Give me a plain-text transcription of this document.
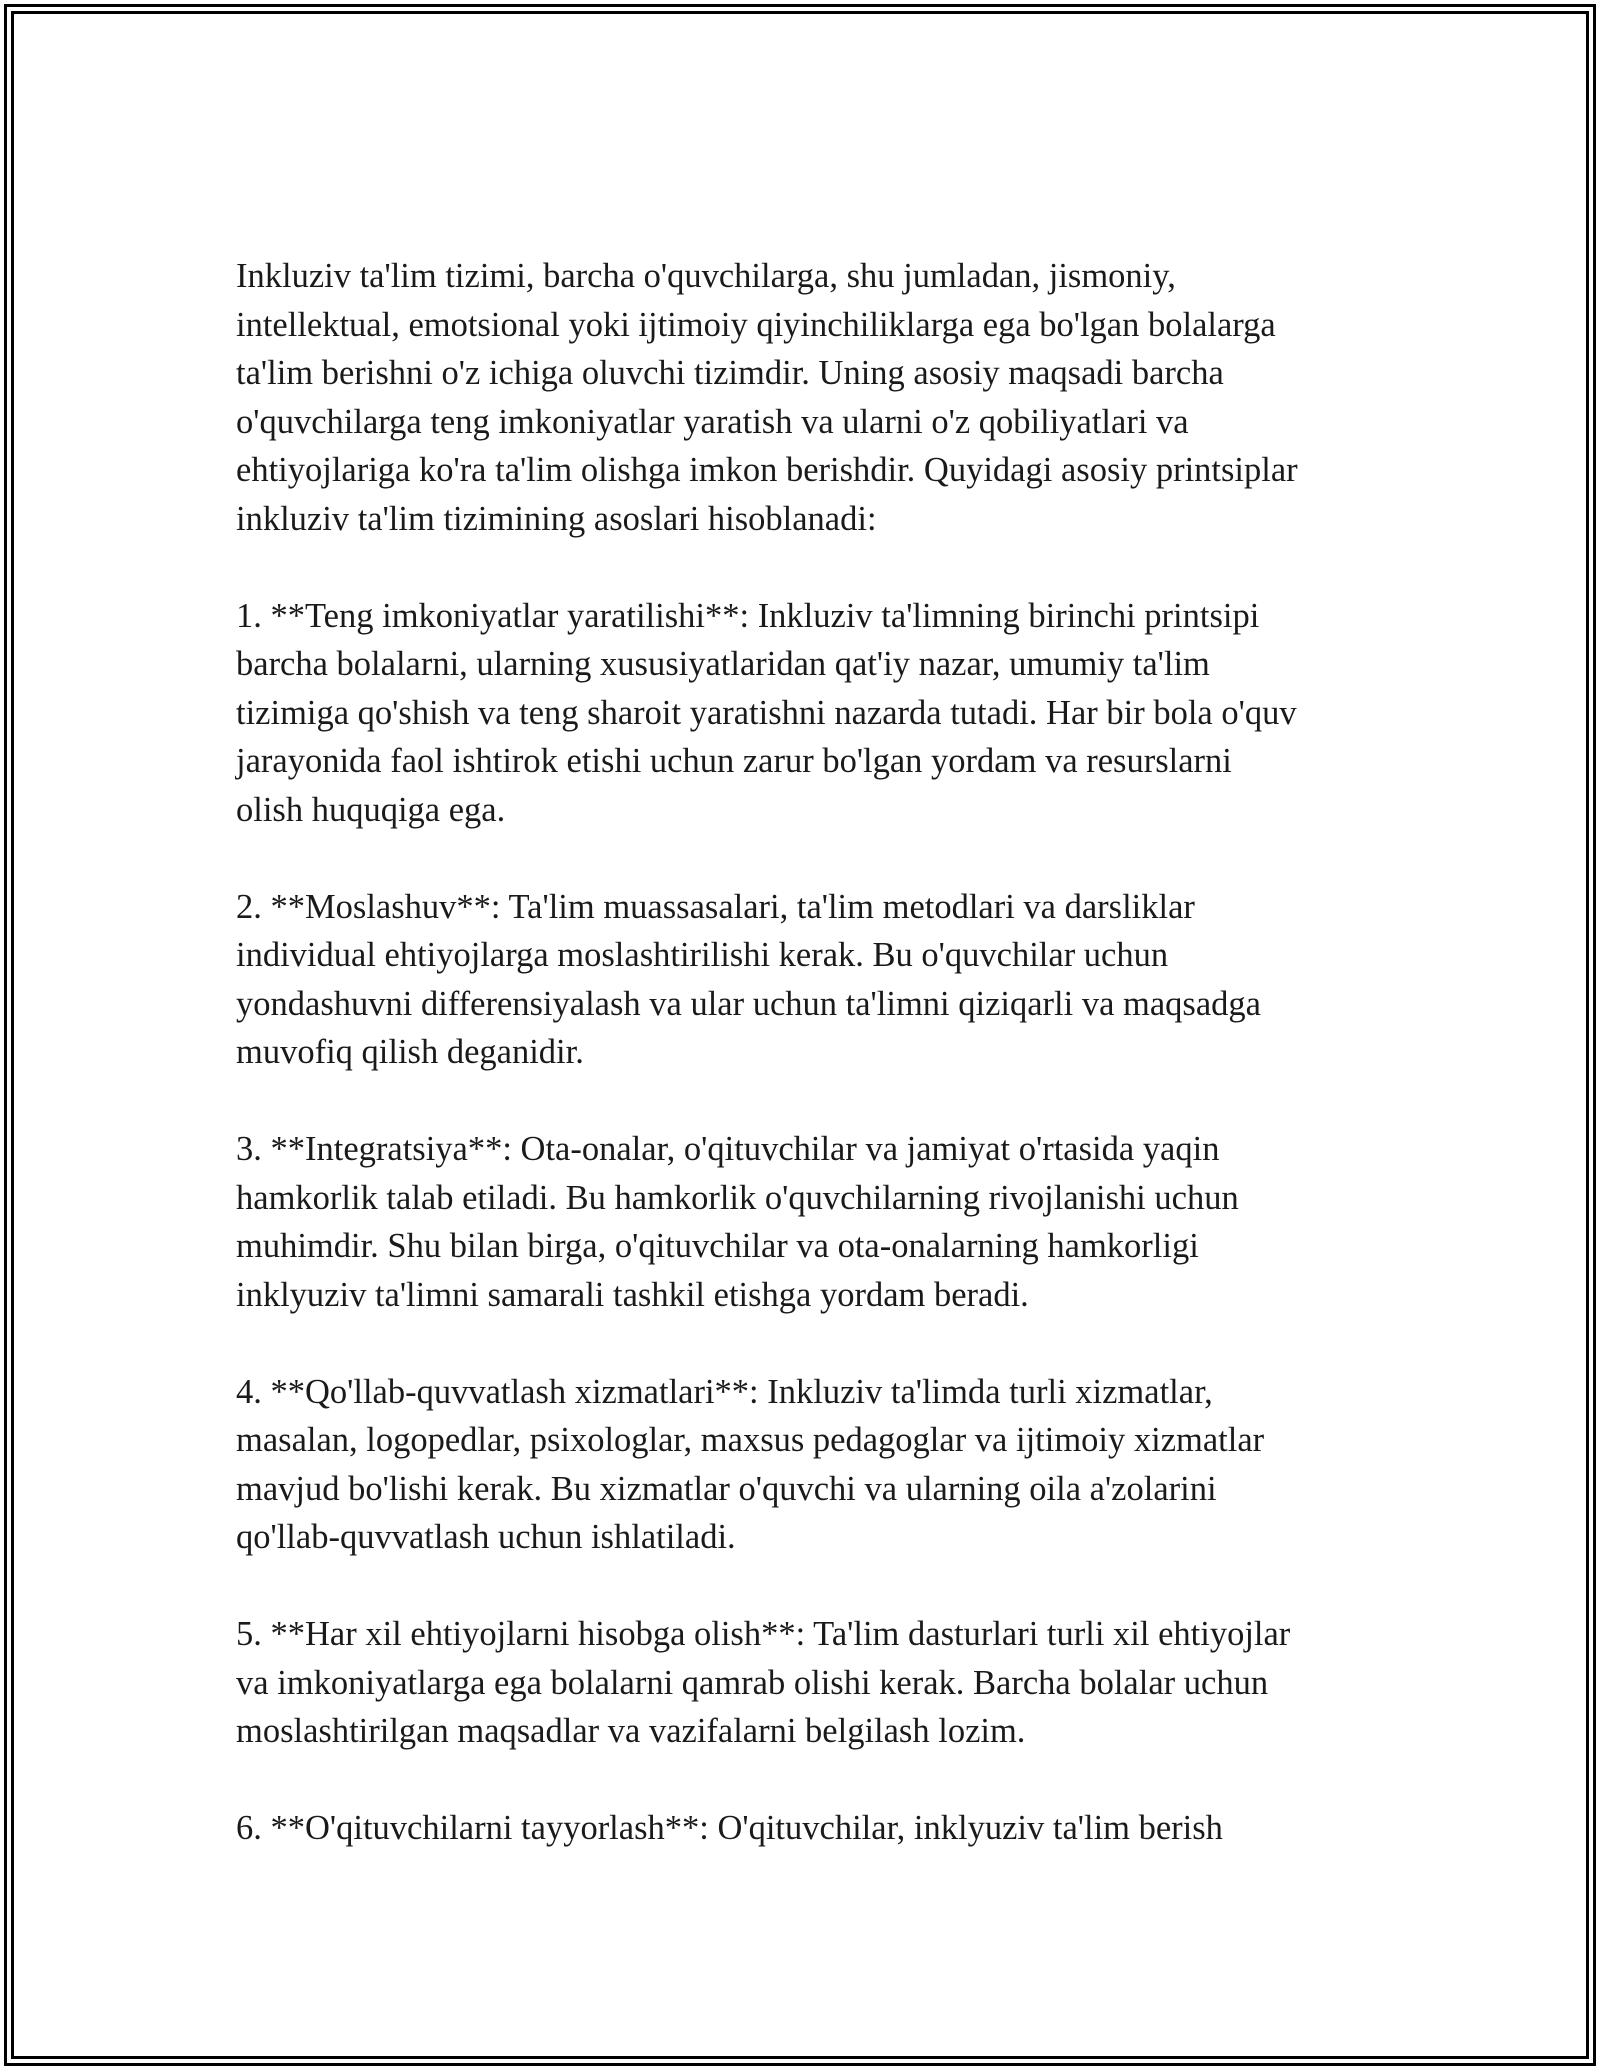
Inkluziv ta'lim tizimi, barcha o'quvchilarga, shu jumladan, jismoniy,
intellektual, emotsional yoki ijtimoiy qiyinchiliklarga ega bo'lgan bolalarga
ta'lim berishni o'z ichiga oluvchi tizimdir. Uning asosiy maqsadi barcha
o'quvchilarga teng imkoniyatlar yaratish va ularni o'z qobiliyatlari va
ehtiyojlariga ko'ra ta'lim olishga imkon berishdir. Quyidagi asosiy printsiplar
inkluziv ta'lim tizimining asoslari hisoblanadi:

1. **Teng imkoniyatlar yaratilishi**: Inkluziv ta'limning birinchi printsipi
barcha bolalarni, ularning xususiyatlaridan qat'iy nazar, umumiy ta'lim
tizimiga qo'shish va teng sharoit yaratishni nazarda tutadi. Har bir bola o'quv
jarayonida faol ishtirok etishi uchun zarur bo'lgan yordam va resurslarni
olish huquqiga ega.

2. **Moslashuv**: Ta'lim muassasalari, ta'lim metodlari va darsliklar
individual ehtiyojlarga moslashtirilishi kerak. Bu o'quvchilar uchun
yondashuvni differensiyalash va ular uchun ta'limni qiziqarli va maqsadga
muvofiq qilish deganidir.

3. **Integratsiya**: Ota-onalar, o'qituvchilar va jamiyat o'rtasida yaqin
hamkorlik talab etiladi. Bu hamkorlik o'quvchilarning rivojlanishi uchun
muhimdir. Shu bilan birga, o'qituvchilar va ota-onalarning hamkorligi
inklyuziv ta'limni samarali tashkil etishga yordam beradi.

4. **Qo'llab-quvvatlash xizmatlari**: Inkluziv ta'limda turli xizmatlar,
masalan, logopedlar, psixologlar, maxsus pedagoglar va ijtimoiy xizmatlar
mavjud bo'lishi kerak. Bu xizmatlar o'quvchi va ularning oila a'zolarini
qo'llab-quvvatlash uchun ishlatiladi.

5. **Har xil ehtiyojlarni hisobga olish**: Ta'lim dasturlari turli xil ehtiyojlar
va imkoniyatlarga ega bolalarni qamrab olishi kerak. Barcha bolalar uchun
moslashtirilgan maqsadlar va vazifalarni belgilash lozim.

6. **O'qituvchilarni tayyorlash**: O'qituvchilar, inklyuziv ta'lim berish
